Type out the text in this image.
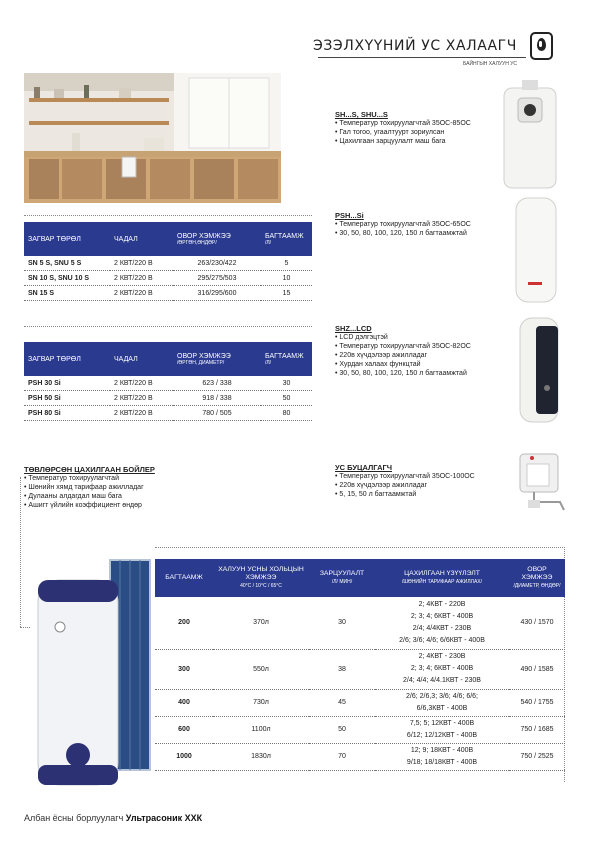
ЭЗЭЛХҮҮНИЙ УС ХАЛААГЧ
БАЙНГЫН ХАЛУУН УС
SH...S, SHU...S
• Температур тохируулагчтай 35ОС-85ОС
• Гал тогоо, угаалтуурт зориулсан
• Цахилгаан зарцуулалт маш бага
PSH...Si
• Температур тохируулагчтай 35ОС-65ОС
• 30, 50, 80, 100, 120, 150 л багтаамжтай
SHZ...LCD
• LCD дэлгэцтэй
• Температур тохируулагчтай 35ОС-82ОС
• 220в хүчдэлээр ажилладаг
• Хурдан халаах функцтай
• 30, 50, 80, 100, 120, 150 л багтаамжтай
УС БУЦАЛГАГЧ
• Температур тохируулагчтай 35ОС-100ОС
• 220в хүчдэлээр ажилладаг
• 5, 15, 50 л багтаамжтай
ЗАГВАР ТӨРӨЛ	ЧАДАЛ	ОВОР ХЭМЖЭЭ
/ӨРГӨН,ӨНДӨР/	БАГТААМЖ
/Л/

SN 5 S, SNU 5 S	2 КВТ/220 В	263/230/422	5
SN 10 S, SNU 10 S	2 КВТ/220 В	295/275/503	10
SN 15 S	2 КВТ/220 В	316/295/600	15
ЗАГВАР ТӨРӨЛ	ЧАДАЛ	ОВОР ХЭМЖЭЭ
/ӨРГӨН, ДИАМЕТР/	БАГТААМЖ
/Л/

PSH 30 Si	2 КВТ/220 В	623 / 338	30
PSH 50 Si	2 КВТ/220 В	918 / 338	50
PSH 80 Si	2 КВТ/220 В	780 / 505	80
ТӨВЛӨРСӨН ЦАХИЛГААН БОЙЛЕР
• Температур тохируулагчтай
• Шөнийн хямд тарифаар ажилладаг
• Дулааны алдагдал маш бага
• Ашигт үйлийн коэффициент өндөр
БАГТААМЖ	ХАЛУУН УСНЫ ХОЛЬЦЫН ХЭМЖЭЭ
40°C / 10°C / 65°C	ЗАРЦУУЛАЛТ
/Л/ МИН/	ЦАХИЛГААН ҮЗҮҮЛЭЛТ
/ШӨНИЙН ТАРИФААР АЖИЛЛАХ/	ОВОР ХЭМЖЭЭ
/ДИАМЕТР, ӨНДӨР/

200	370л	30	2; 4КВТ - 220В
2; 3; 4; 6КВТ - 400В
2/4; 4/4КВТ - 230В
2/6; 3/6; 4/6; 6/6КВТ - 400В	430 / 1570
300	550л	38	2; 4КВТ - 230В
2; 3; 4; 6КВТ - 400В
2/4; 4/4; 4/4.1КВТ - 230В	490 / 1585
400	730л	45	2/6; 2/6,3; 3/6; 4/6; 6/6;
6/6,3КВТ - 400В	540 / 1755
600	1100л	50	7,5; 5; 12КВТ - 400В
6/12; 12/12КВТ - 400В	750 / 1685
1000	1830л	70	12; 9; 18КВТ - 400В
9/18; 18/18КВТ - 400В	750 / 2525
Албан ёсны борлуулагч Ультрасоник ХХК
